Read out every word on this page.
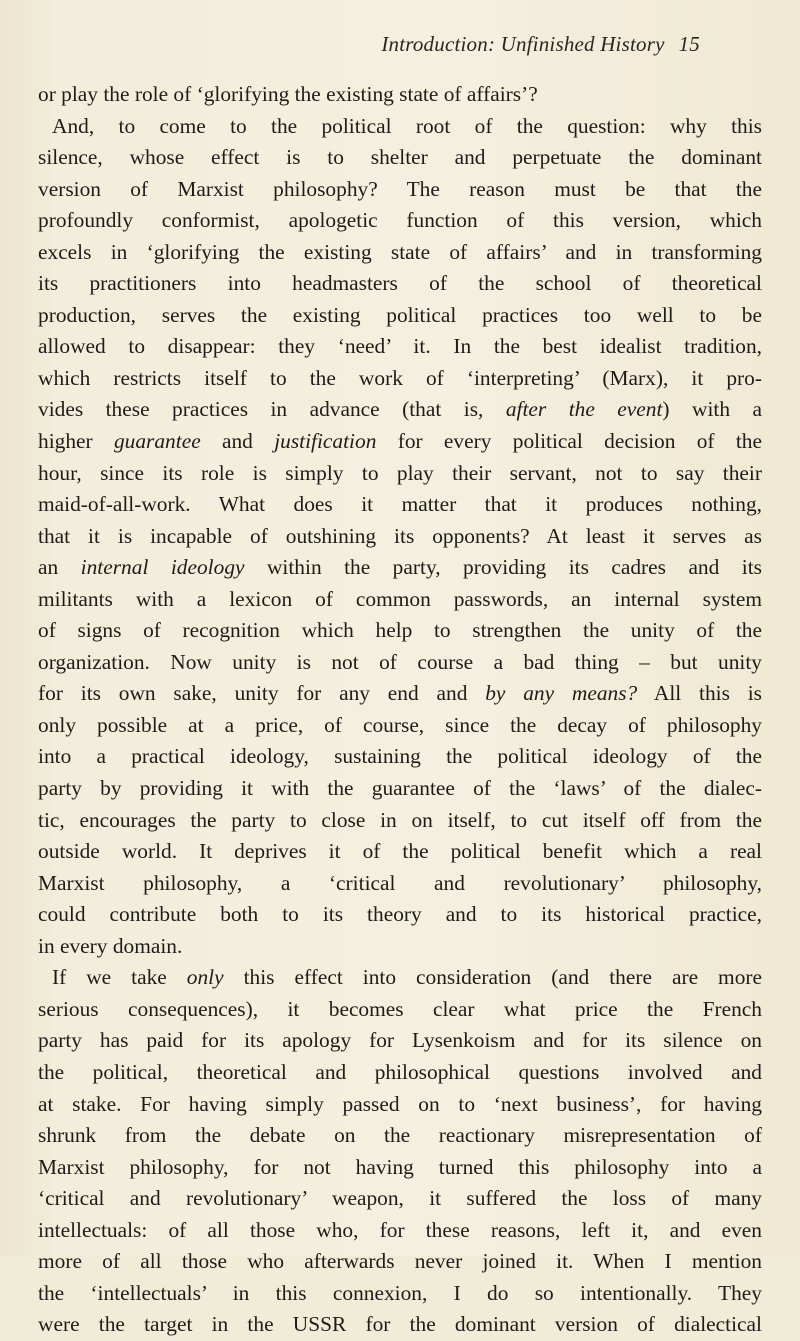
Introduction: Unfinished History 15
or play the role of ‘glorifying the existing state of affairs’?
And, to come to the political root of the question: why this
silence, whose effect is to shelter and perpetuate the dominant
version of Marxist philosophy? The reason must be that the
profoundly conformist, apologetic function of this version, which
excels in ‘glorifying the existing state of affairs’ and in transforming
its practitioners into headmasters of the school of theoretical
production, serves the existing political practices too well to be
allowed to disappear: they ‘need’ it. In the best idealist tradition,
which restricts itself to the work of ‘interpreting’ (Marx), it pro-
vides these practices in advance (that is, after the event) with a
higher guarantee and justification for every political decision of the
hour, since its role is simply to play their servant, not to say their
maid-of-all-work. What does it matter that it produces nothing,
that it is incapable of outshining its opponents? At least it serves as
an internal ideology within the party, providing its cadres and its
militants with a lexicon of common passwords, an internal system
of signs of recognition which help to strengthen the unity of the
organization. Now unity is not of course a bad thing – but unity
for its own sake, unity for any end and by any means? All this is
only possible at a price, of course, since the decay of philosophy
into a practical ideology, sustaining the political ideology of the
party by providing it with the guarantee of the ‘laws’ of the dialec-
tic, encourages the party to close in on itself, to cut itself off from the
outside world. It deprives it of the political benefit which a real
Marxist philosophy, a ‘critical and revolutionary’ philosophy,
could contribute both to its theory and to its historical practice,
in every domain.
If we take only this effect into consideration (and there are more
serious consequences), it becomes clear what price the French
party has paid for its apology for Lysenkoism and for its silence on
the political, theoretical and philosophical questions involved and
at stake. For having simply passed on to ‘next business’, for having
shrunk from the debate on the reactionary misrepresentation of
Marxist philosophy, for not having turned this philosophy into a
‘critical and revolutionary’ weapon, it suffered the loss of many
intellectuals: of all those who, for these reasons, left it, and even
more of all those who afterwards never joined it. When I mention
the ‘intellectuals’ in this connexion, I do so intentionally. They
were the target in the USSR for the dominant version of dialectical
